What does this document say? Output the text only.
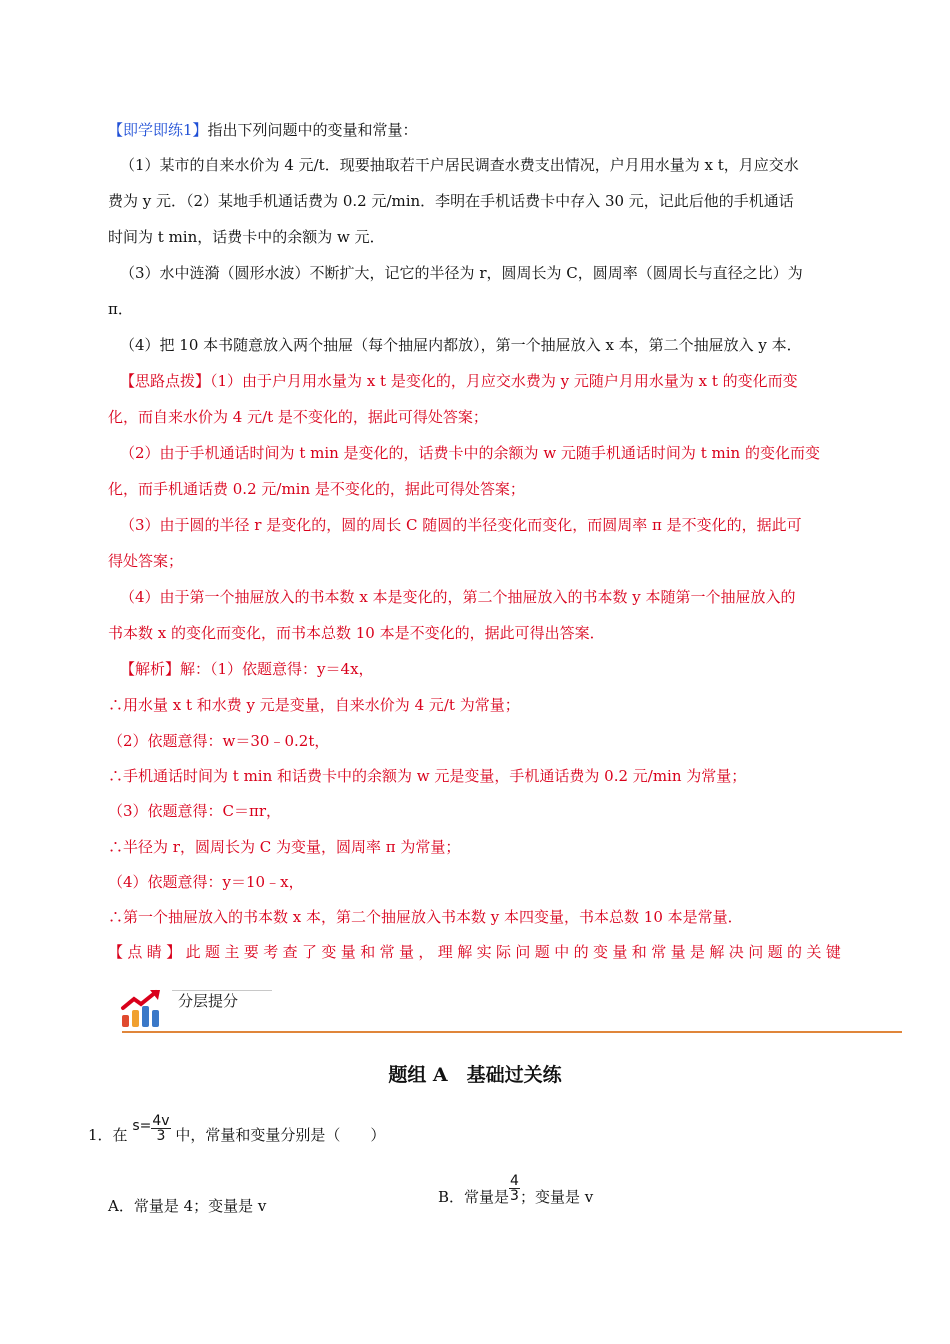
【即学即练1】指出下列问题中的变量和常量：
（1）某市的自来水价为 4 元/t．现要抽取若干户居民调查水费支出情况，户月用水量为 x t，月应交水
费为 y 元．（2）某地手机通话费为 0.2 元/min．李明在手机话费卡中存入 30 元，记此后他的手机通话
时间为 t min，话费卡中的余额为 w 元．
（3）水中涟漪（圆形水波）不断扩大，记它的半径为 r，圆周长为 C，圆周率（圆周长与直径之比）为
π．
（4）把 10 本书随意放入两个抽屉（每个抽屉内都放），第一个抽屉放入 x 本，第二个抽屉放入 y 本．
【思路点拨】（1）由于户月用水量为 x t 是变化的，月应交水费为 y 元随户月用水量为 x t 的变化而变
化，而自来水价为 4 元/t 是不变化的，据此可得处答案；
（2）由于手机通话时间为 t min 是变化的，话费卡中的余额为 w 元随手机通话时间为 t min 的变化而变
化，而手机通话费 0.2 元/min 是不变化的，据此可得处答案；
（3）由于圆的半径 r 是变化的，圆的周长 C 随圆的半径变化而变化，而圆周率 π 是不变化的，据此可
得处答案；
（4）由于第一个抽屉放入的书本数 x 本是变化的，第二个抽屉放入的书本数 y 本随第一个抽屉放入的
书本数 x 的变化而变化，而书本总数 10 本是不变化的，据此可得出答案．
【解析】解：（1）依题意得：y＝4x，
∴用水量 x t 和水费 y 元是变量，自来水价为 4 元/t 为常量；
（2）依题意得：w＝30﹣0.2t，
∴手机通话时间为 t min 和话费卡中的余额为 w 元是变量，手机通话费为 0.2 元/min 为常量；
（3）依题意得：C＝πr，
∴半径为 r，圆周长为 C 为变量，圆周率 π 为常量；
（4）依题意得：y＝10﹣x，
∴第一个抽屉放入的书本数 x 本，第二个抽屉放入书本数 y 本四变量，书本总数 10 本是常量．
【点睛】此题主要考查了变量和常量，理解实际问题中的变量和常量是解决问题的关键
分层提分
题组 A　基础过关练
1．在 $s= \frac{4v}{3}$ 中，常量和变量分别是（　　）
A．常量是 4；变量是 v	B．常量是 $\frac{4}{3}$ ；变量是 v
